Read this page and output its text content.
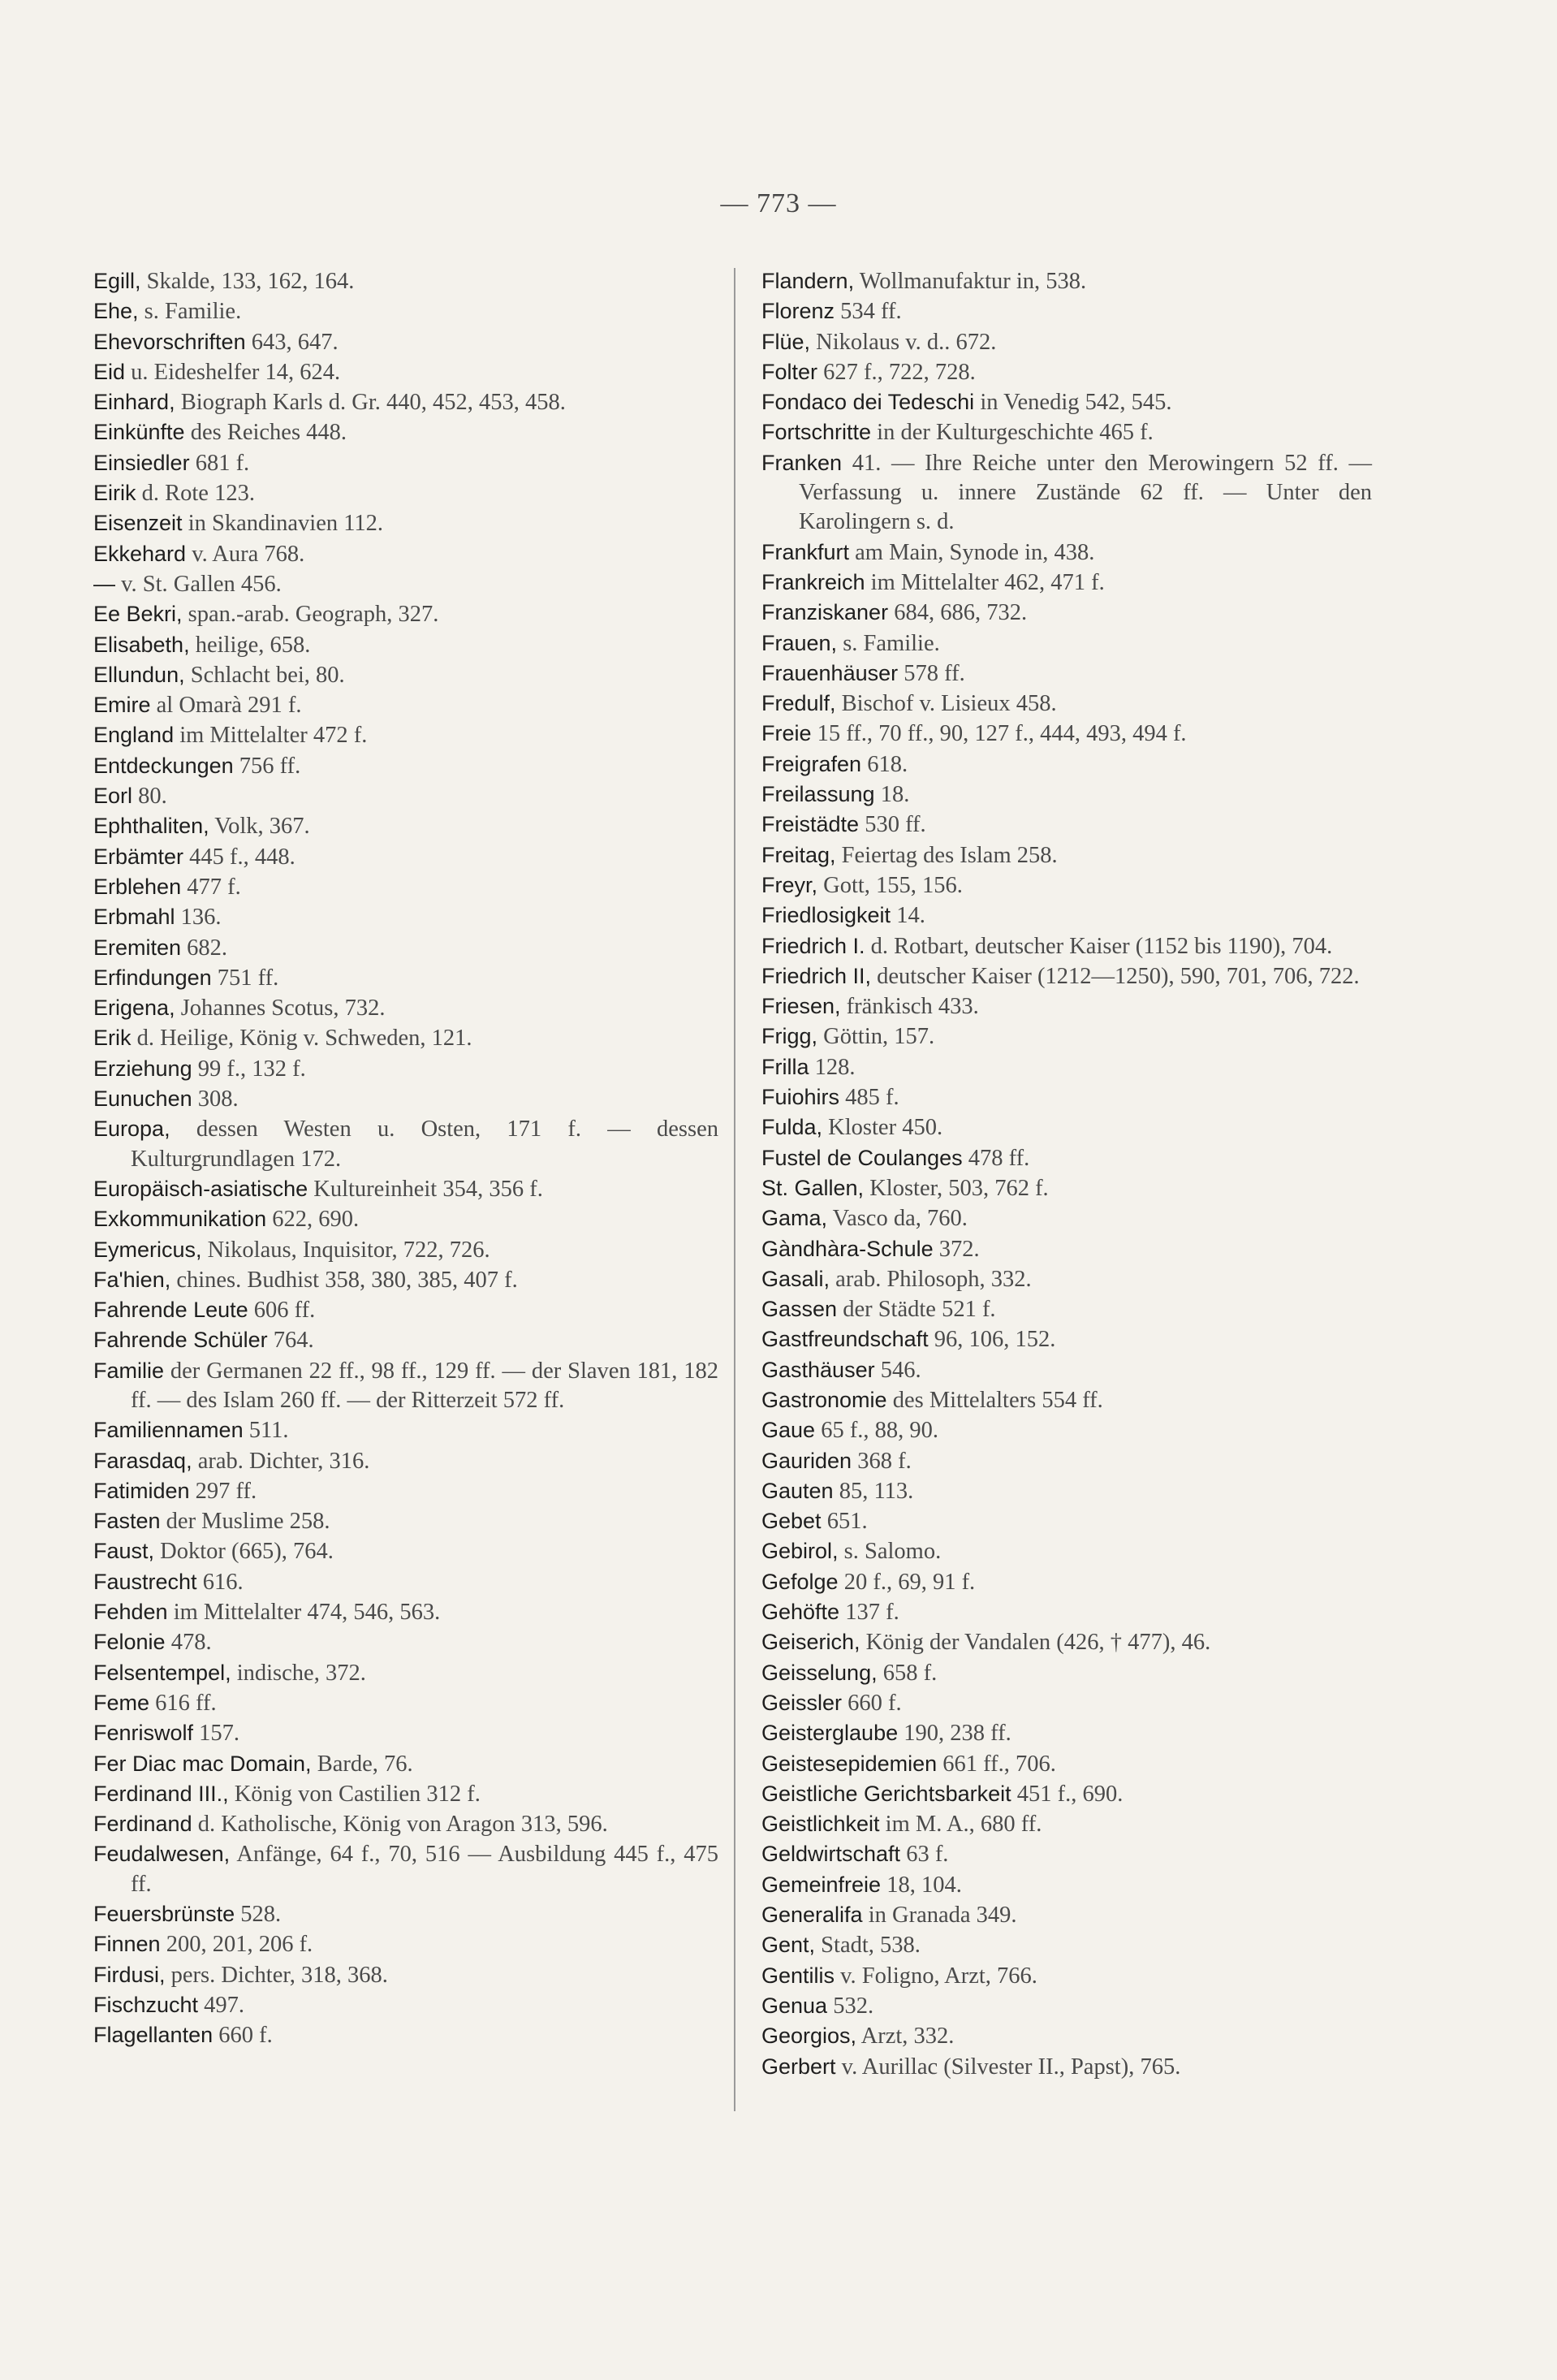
— 773 —

Egill, Skalde, 133, 162, 164.

Ehe, s. Familie.

Ehevorschriften 643, 647.

Eid u. Eideshelfer 14, 624.

Einhard, Biograph Karls d. Gr. 440, 452, 453, 458.

Einkünfte des Reiches 448.

Einsiedler 681 f.

Eirik d. Rote 123.

Eisenzeit in Skandinavien 112.

Ekkehard v. Aura 768.

— v. St. Gallen 456.

Ee Bekri, span.-arab. Geograph, 327.

Elisabeth, heilige, 658.

Ellundun, Schlacht bei, 80.

Emire al Omarà 291 f.

England im Mittelalter 472 f.

Entdeckungen 756 ff.

Eorl 80.

Ephthaliten, Volk, 367.

Erbämter 445 f., 448.

Erblehen 477 f.

Erbmahl 136.

Eremiten 682.

Erfindungen 751 ff.

Erigena, Johannes Scotus, 732.

Erik d. Heilige, König v. Schweden, 121.

Erziehung 99 f., 132 f.

Eunuchen 308.

Europa, dessen Westen u. Osten, 171 f. — dessen Kulturgrundlagen 172.

Europäisch-asiatische Kultureinheit 354, 356 f.

Exkommunikation 622, 690.

Eymericus, Nikolaus, Inquisitor, 722, 726.

Fa'hien, chines. Budhist 358, 380, 385, 407 f.

Fahrende Leute 606 ff.

Fahrende Schüler 764.

Familie der Germanen 22 ff., 98 ff., 129 ff. — der Slaven 181, 182 ff. — des Islam 260 ff. — der Ritterzeit 572 ff.

Familiennamen 511.

Farasdaq, arab. Dichter, 316.

Fatimiden 297 ff.

Fasten der Muslime 258.

Faust, Doktor (665), 764.

Faustrecht 616.

Fehden im Mittelalter 474, 546, 563.

Felonie 478.

Felsentempel, indische, 372.

Feme 616 ff.

Fenriswolf 157.

Fer Diac mac Domain, Barde, 76.

Ferdinand III., König von Castilien 312 f.

Ferdinand d. Katholische, König von Aragon 313, 596.

Feudalwesen, Anfänge, 64 f., 70, 516 — Ausbildung 445 f., 475 ff.

Feuersbrünste 528.

Finnen 200, 201, 206 f.

Firdusi, pers. Dichter, 318, 368.

Fischzucht 497.

Flagellanten 660 f.

Flandern, Wollmanufaktur in, 538.

Florenz 534 ff.

Flüe, Nikolaus v. d.. 672.

Folter 627 f., 722, 728.

Fondaco dei Tedeschi in Venedig 542, 545.

Fortschritte in der Kulturgeschichte 465 f.

Franken 41. — Ihre Reiche unter den Merowingern 52 ff. — Verfassung u. innere Zustände 62 ff. — Unter den Karolingern s. d.

Frankfurt am Main, Synode in, 438.

Frankreich im Mittelalter 462, 471 f.

Franziskaner 684, 686, 732.

Frauen, s. Familie.

Frauenhäuser 578 ff.

Fredulf, Bischof v. Lisieux 458.

Freie 15 ff., 70 ff., 90, 127 f., 444, 493, 494 f.

Freigrafen 618.

Freilassung 18.

Freistädte 530 ff.

Freitag, Feiertag des Islam 258.

Freyr, Gott, 155, 156.

Friedlosigkeit 14.

Friedrich I. d. Rotbart, deutscher Kaiser (1152 bis 1190), 704.

Friedrich II, deutscher Kaiser (1212—1250), 590, 701, 706, 722.

Friesen, fränkisch 433.

Frigg, Göttin, 157.

Frilla 128.

Fuiohirs 485 f.

Fulda, Kloster 450.

Fustel de Coulanges 478 ff.

St. Gallen, Kloster, 503, 762 f.

Gama, Vasco da, 760.

Gàndhàra-Schule 372.

Gasali, arab. Philosoph, 332.

Gassen der Städte 521 f.

Gastfreundschaft 96, 106, 152.

Gasthäuser 546.

Gastronomie des Mittelalters 554 ff.

Gaue 65 f., 88, 90.

Gauriden 368 f.

Gauten 85, 113.

Gebet 651.

Gebirol, s. Salomo.

Gefolge 20 f., 69, 91 f.

Gehöfte 137 f.

Geiserich, König der Vandalen (426, † 477), 46.

Geisselung, 658 f.

Geissler 660 f.

Geisterglaube 190, 238 ff.

Geistesepidemien 661 ff., 706.

Geistliche Gerichtsbarkeit 451 f., 690.

Geistlichkeit im M. A., 680 ff.

Geldwirtschaft 63 f.

Gemeinfreie 18, 104.

Generalifa in Granada 349.

Gent, Stadt, 538.

Gentilis v. Foligno, Arzt, 766.

Genua 532.

Georgios, Arzt, 332.

Gerbert v. Aurillac (Silvester II., Papst), 765.
